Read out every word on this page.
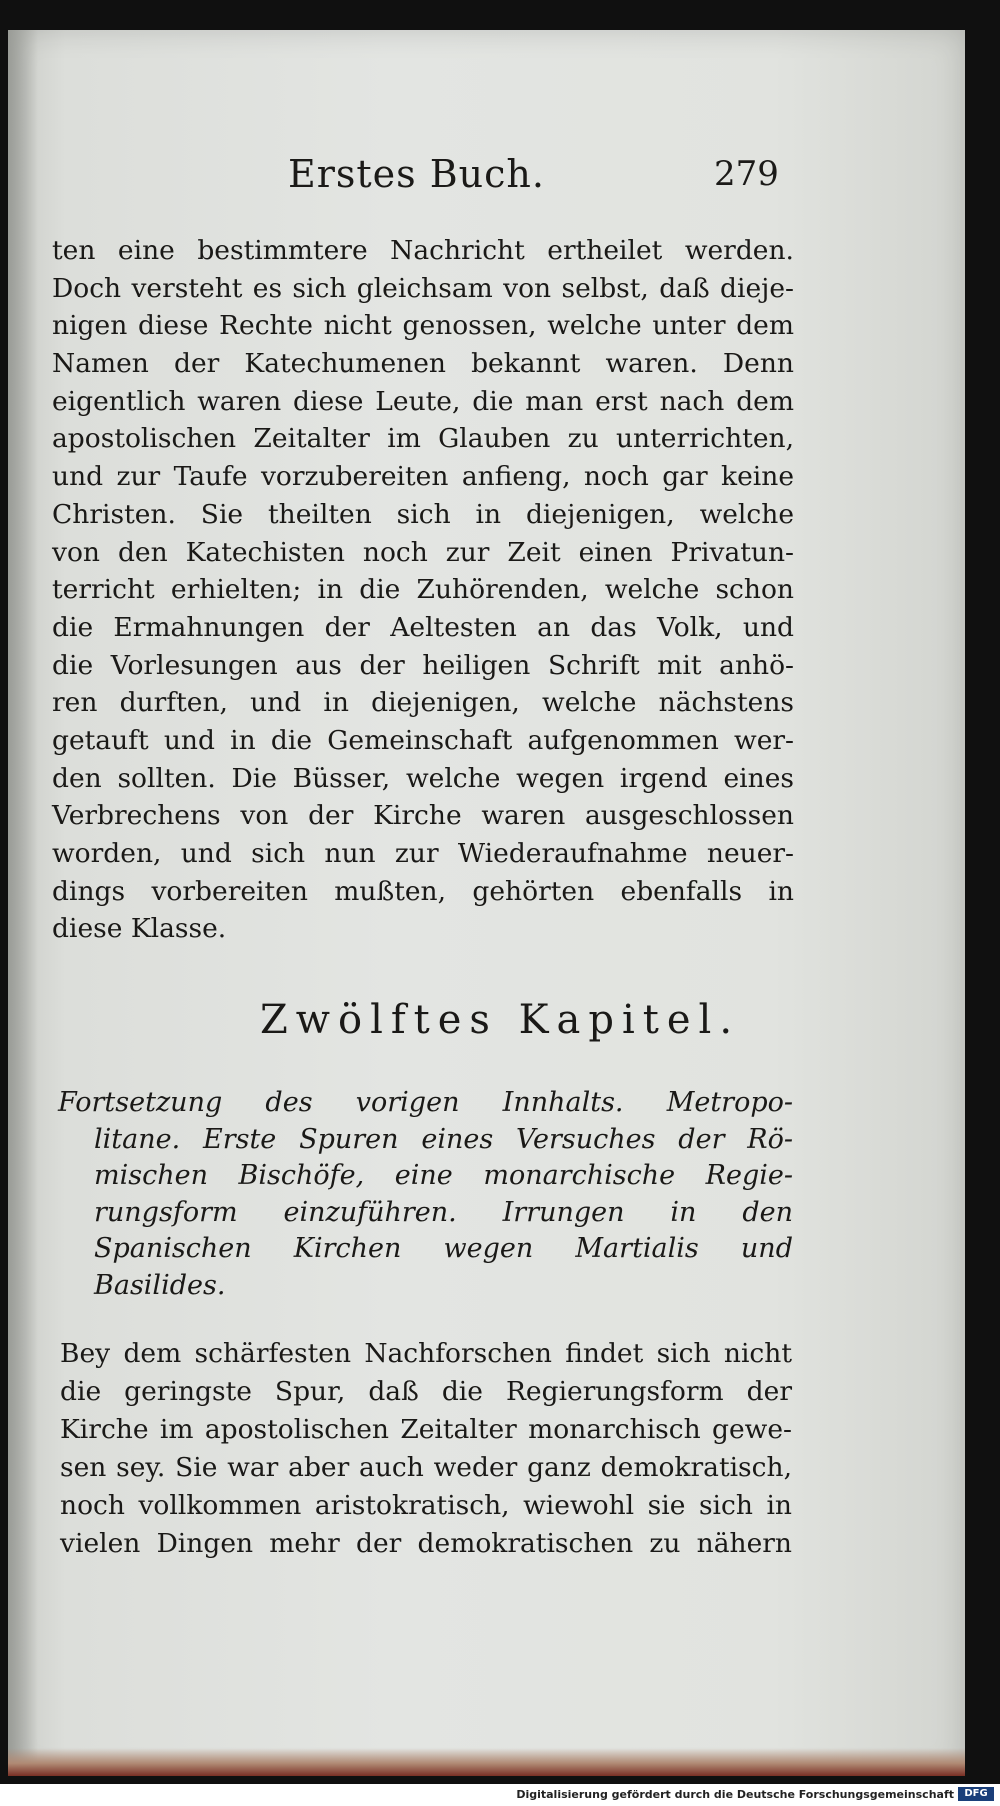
Erstes Buch.	279
ten eine bestimmtere Nachricht ertheilet werden.
Doch versteht es sich gleichsam von selbst, daß dieje-
nigen diese Rechte nicht genossen, welche unter dem
Namen der Katechumenen bekannt waren. Denn
eigentlich waren diese Leute, die man erst nach dem
apostolischen Zeitalter im Glauben zu unterrichten,
und zur Taufe vorzubereiten anfieng, noch gar keine
Christen. Sie theilten sich in diejenigen, welche
von den Katechisten noch zur Zeit einen Privatun-
terricht erhielten; in die Zuhörenden, welche schon
die Ermahnungen der Aeltesten an das Volk, und
die Vorlesungen aus der heiligen Schrift mit anhö-
ren durften, und in diejenigen, welche nächstens
getauft und in die Gemeinschaft aufgenommen wer-
den sollten. Die Büsser, welche wegen irgend eines
Verbrechens von der Kirche waren ausgeschlossen
worden, und sich nun zur Wiederaufnahme neuer-
dings vorbereiten mußten, gehörten ebenfalls in
diese Klasse.
Zwölftes Kapitel.
Fortsetzung des vorigen Innhalts. Metropo-
litane. Erste Spuren eines Versuches der Rö-
mischen Bischöfe, eine monarchische Regie-
rungsform einzuführen. Irrungen in den
Spanischen Kirchen wegen Martialis und
Basilides.
Bey dem schärfesten Nachforschen findet sich nicht
die geringste Spur, daß die Regierungsform der
Kirche im apostolischen Zeitalter monarchisch gewe-
sen sey. Sie war aber auch weder ganz demokratisch,
noch vollkommen aristokratisch, wiewohl sie sich in
vielen Dingen mehr der demokratischen zu nähern
Digitalisierung gefördert durch die Deutsche Forschungsgemeinschaft	DFG
